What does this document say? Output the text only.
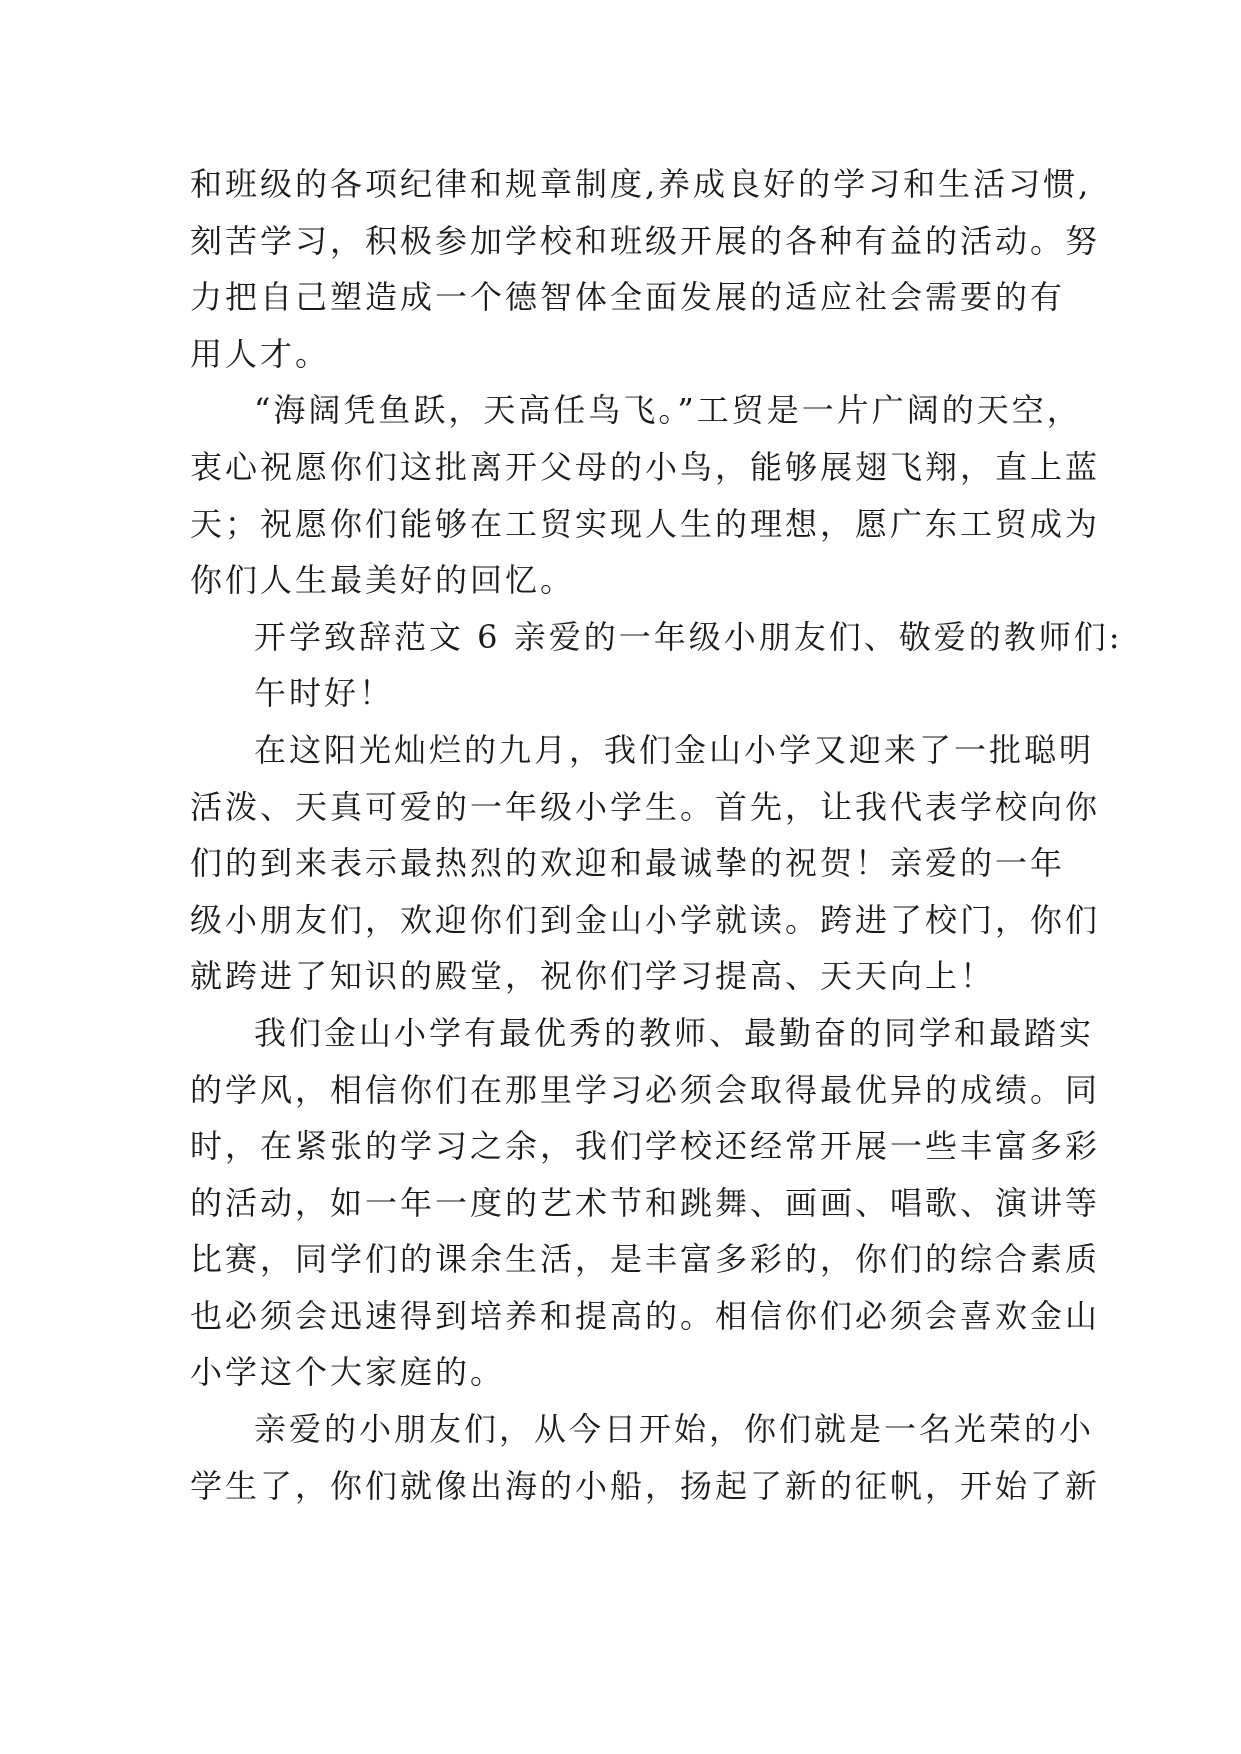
和班级的各项纪律和规章制度,养成良好的学习和生活习惯,
刻苦学习，积极参加学校和班级开展的各种有益的活动。努
力把自己塑造成一个德智体全面发展的适应社会需要的有
用人才。

“海阔凭鱼跃，天高任鸟飞。”工贸是一片广阔的天空，
衷心祝愿你们这批离开父母的小鸟，能够展翅飞翔，直上蓝
天；祝愿你们能够在工贸实现人生的理想，愿广东工贸成为
你们人生最美好的回忆。

开学致辞范文 6 亲爱的一年级小朋友们、敬爱的教师们:

午时好！

在这阳光灿烂的九月，我们金山小学又迎来了一批聪明
活泼、天真可爱的一年级小学生。首先，让我代表学校向你
们的到来表示最热烈的欢迎和最诚挚的祝贺！亲爱的一年
级小朋友们，欢迎你们到金山小学就读。跨进了校门，你们
就跨进了知识的殿堂，祝你们学习提高、天天向上！

我们金山小学有最优秀的教师、最勤奋的同学和最踏实
的学风，相信你们在那里学习必须会取得最优异的成绩。同
时，在紧张的学习之余，我们学校还经常开展一些丰富多彩
的活动，如一年一度的艺术节和跳舞、画画、唱歌、演讲等
比赛，同学们的课余生活，是丰富多彩的，你们的综合素质
也必须会迅速得到培养和提高的。相信你们必须会喜欢金山
小学这个大家庭的。

亲爱的小朋友们，从今日开始，你们就是一名光荣的小
学生了，你们就像出海的小船，扬起了新的征帆，开始了新
